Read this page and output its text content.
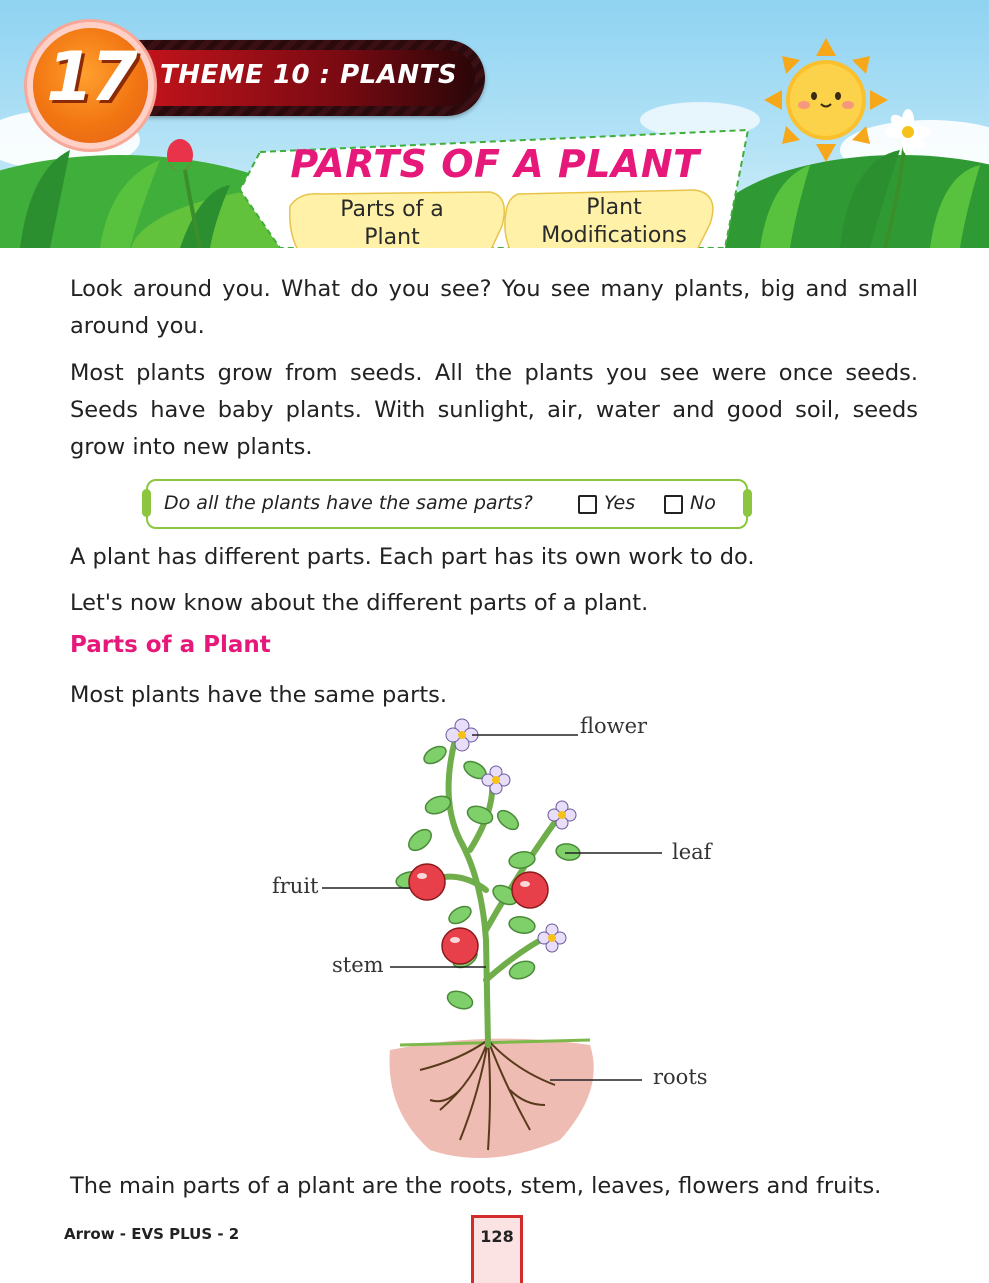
THEME 10 : PLANTS
17
PARTS OF A PLANT
Parts of a
Plant
Plant
Modifications

Look around you. What do you see? You see many plants, big and small around you.

Most plants grow from seeds. All the plants you see were once seeds. Seeds have baby plants. With sunlight, air, water and good soil, seeds grow into new plants.

Do all the plants have the same parts?	Yes	No

A plant has different parts. Each part has its own work to do.

Let's now know about the different parts of a plant.

Parts of a Plant

Most plants have the same parts.

flower
leaf
fruit
stem
roots

The main parts of a plant are the roots, stem, leaves, flowers and fruits.

Arrow - EVS PLUS - 2	128
